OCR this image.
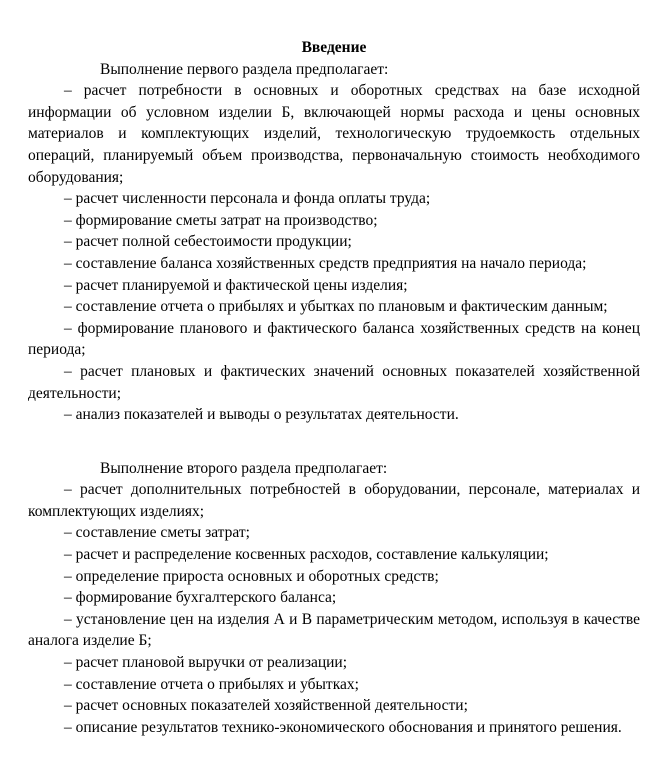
Введение

Выполнение первого раздела предполагает:

– расчет потребности в основных и оборотных средствах на базе исходной информации об условном изделии Б, включающей нормы расхода и цены основных материалов и комплектующих изделий, технологическую трудоемкость отдельных операций, планируемый объем производства, первоначальную стоимость необходимого оборудования;

– расчет численности персонала и фонда оплаты труда;

– формирование сметы затрат на производство;

– расчет полной себестоимости продукции;

– составление баланса хозяйственных средств предприятия на начало периода;

– расчет планируемой и фактической цены изделия;

– составление отчета о прибылях и убытках по плановым и фактическим данным;

– формирование планового и фактического баланса хозяйственных средств на конец периода;

– расчет плановых и фактических значений основных показателей хозяйственной деятельности;

– анализ показателей и выводы о результатах деятельности.

Выполнение второго раздела предполагает:

– расчет дополнительных потребностей в оборудовании, персонале, материалах и комплектующих изделиях;

– составление сметы затрат;

– расчет и распределение косвенных расходов, составление калькуляции;

– определение прироста основных и оборотных средств;

– формирование бухгалтерского баланса;

– установление цен на изделия А и В параметрическим методом, используя в качестве аналога изделие Б;

– расчет плановой выручки от реализации;

– составление отчета о прибылях и убытках;

– расчет основных показателей хозяйственной деятельности;

– описание результатов технико-экономического обоснования и принятого решения.
